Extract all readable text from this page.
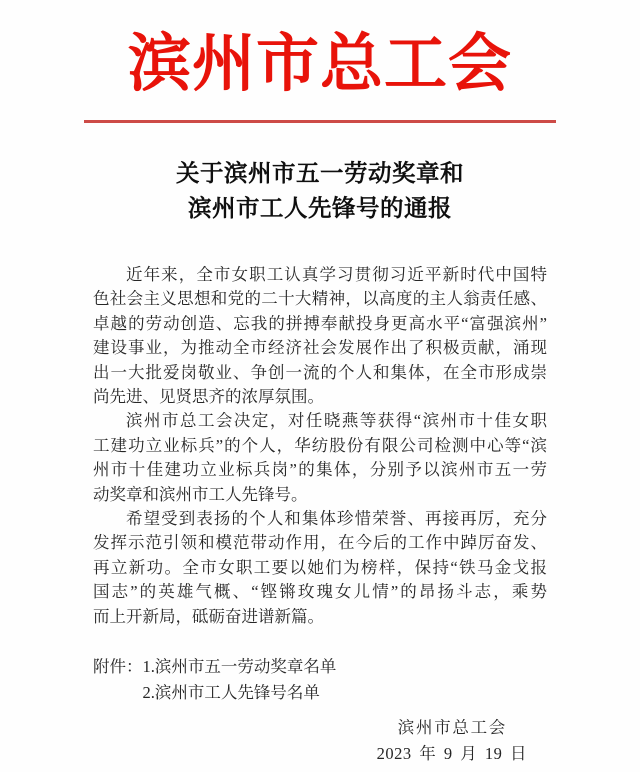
滨州市总工会
关于滨州市五一劳动奖章和
滨州市工人先锋号的通报
近年来，全市女职工认真学习贯彻习近平新时代中国特
色社会主义思想和党的二十大精神，以高度的主人翁责任感、
卓越的劳动创造、忘我的拼搏奉献投身更高水平“富强滨州”
建设事业，为推动全市经济社会发展作出了积极贡献，涌现
出一大批爱岗敬业、争创一流的个人和集体，在全市形成崇
尚先进、见贤思齐的浓厚氛围。
滨州市总工会决定，对任晓燕等获得“滨州市十佳女职
工建功立业标兵”的个人，华纺股份有限公司检测中心等“滨
州市十佳建功立业标兵岗”的集体，分别予以滨州市五一劳
动奖章和滨州市工人先锋号。
希望受到表扬的个人和集体珍惜荣誉、再接再厉，充分
发挥示范引领和模范带动作用，在今后的工作中踔厉奋发、
再立新功。全市女职工要以她们为榜样，保持“铁马金戈报
国志”的英雄气概、“铿锵玫瑰女儿情”的昂扬斗志，乘势
而上开新局，砥砺奋进谱新篇。
附件：1.滨州市五一劳动奖章名单
2.滨州市工人先锋号名单
滨州市总工会
2023 年 9 月 19 日
